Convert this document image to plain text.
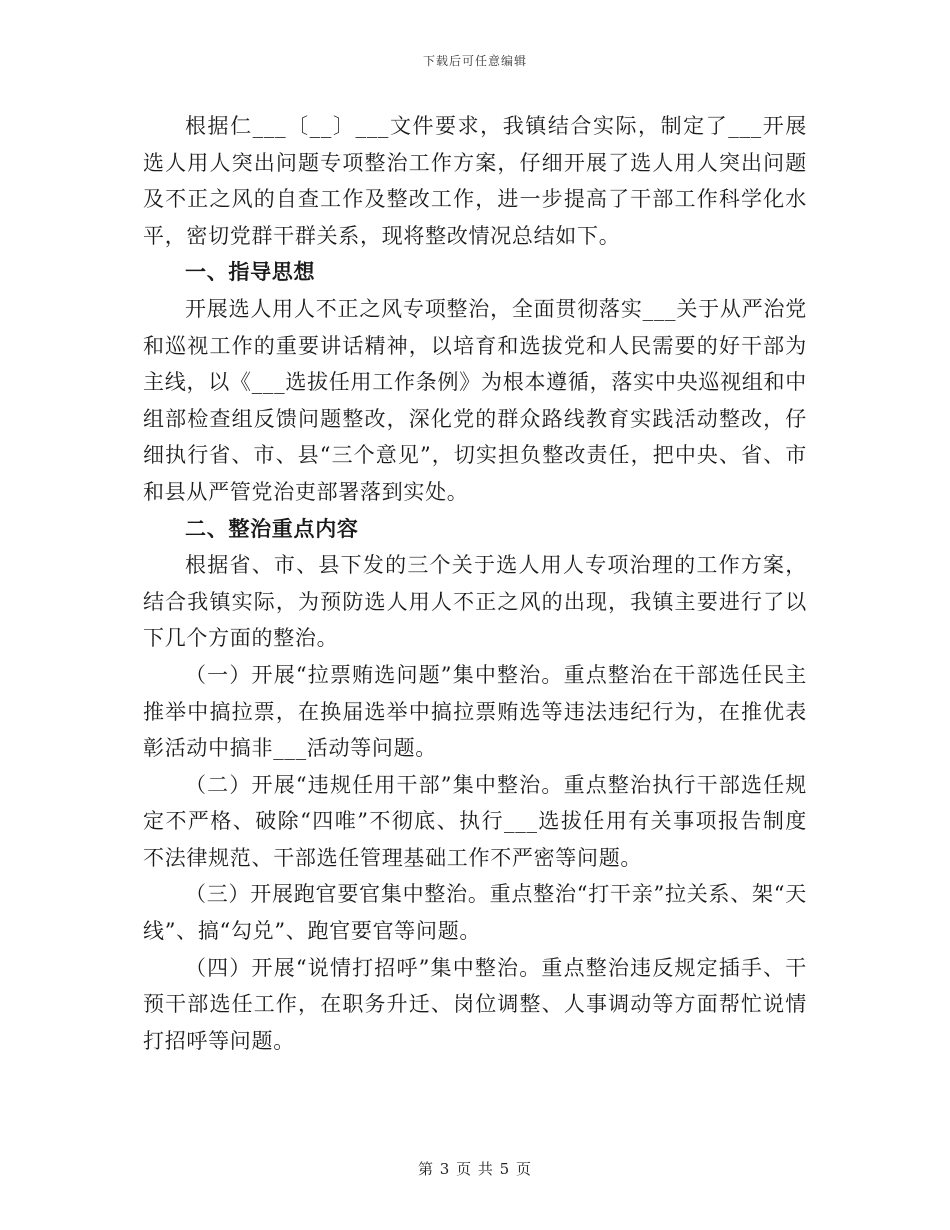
下载后可任意编辑

根据仁___〔__〕___文件要求，我镇结合实际，制定了___开展选人用人突出问题专项整治工作方案，仔细开展了选人用人突出问题及不正之风的自查工作及整改工作，进一步提高了干部工作科学化水平，密切党群干群关系，现将整改情况总结如下。

一、指导思想

开展选人用人不正之风专项整治，全面贯彻落实___关于从严治党和巡视工作的重要讲话精神，以培育和选拔党和人民需要的好干部为主线，以《___选拔任用工作条例》为根本遵循，落实中央巡视组和中组部检查组反馈问题整改，深化党的群众路线教育实践活动整改，仔细执行省、市、县“三个意见”，切实担负整改责任，把中央、省、市和县从严管党治吏部署落到实处。

二、整治重点内容

根据省、市、县下发的三个关于选人用人专项治理的工作方案，结合我镇实际，为预防选人用人不正之风的出现，我镇主要进行了以下几个方面的整治。

（一）开展“拉票贿选问题”集中整治。重点整治在干部选任民主推举中搞拉票，在换届选举中搞拉票贿选等违法违纪行为，在推优表彰活动中搞非___活动等问题。

（二）开展“违规任用干部”集中整治。重点整治执行干部选任规定不严格、破除“四唯”不彻底、执行___选拔任用有关事项报告制度不法律规范、干部选任管理基础工作不严密等问题。

（三）开展跑官要官集中整治。重点整治“打干亲”拉关系、架“天线”、搞“勾兑”、跑官要官等问题。

（四）开展“说情打招呼”集中整治。重点整治违反规定插手、干预干部选任工作，在职务升迁、岗位调整、人事调动等方面帮忙说情打招呼等问题。

第 3 页 共 5 页
